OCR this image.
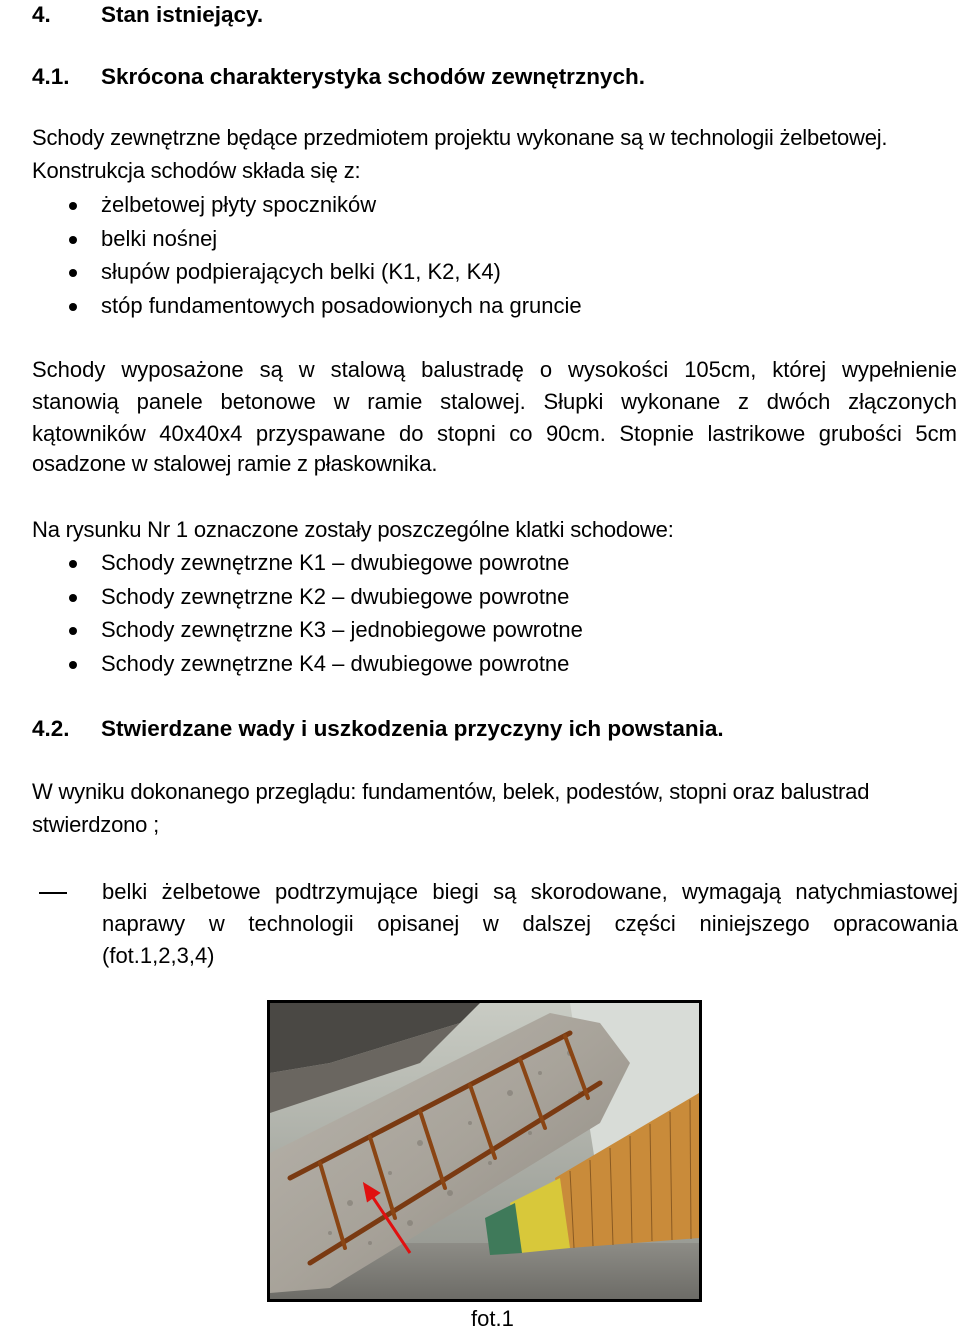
4. Stan istniejący.
4.1. Skrócona charakterystyka schodów zewnętrznych.
Schody zewnętrzne będące przedmiotem projektu wykonane są w technologii żelbetowej.
Konstrukcja schodów składa się z:
żelbetowej płyty spoczników
belki nośnej
słupów podpierających belki (K1, K2, K4)
stóp fundamentowych posadowionych na gruncie
Schody wyposażone są w stalową balustradę o wysokości 105cm, której wypełnienie
stanowią panele betonowe w ramie stalowej. Słupki wykonane z dwóch złączonych
kątowników 40x40x4 przyspawane do stopni co 90cm. Stopnie lastrikowe grubości 5cm
osadzone w stalowej ramie z płaskownika.
Na rysunku Nr 1 oznaczone zostały poszczególne klatki schodowe:
Schody zewnętrzne K1 – dwubiegowe powrotne
Schody zewnętrzne K2 – dwubiegowe powrotne
Schody zewnętrzne K3 – jednobiegowe powrotne
Schody zewnętrzne K4 – dwubiegowe powrotne
4.2. Stwierdzane wady i uszkodzenia przyczyny ich powstania.
W wyniku dokonanego przeglądu: fundamentów, belek, podestów, stopni oraz balustrad
stwierdzono ;
belki żelbetowe podtrzymujące biegi są skorodowane, wymagają natychmiastowej
naprawy w technologii opisanej w dalszej części niniejszego opracowania
(fot.1,2,3,4)
fot.1
